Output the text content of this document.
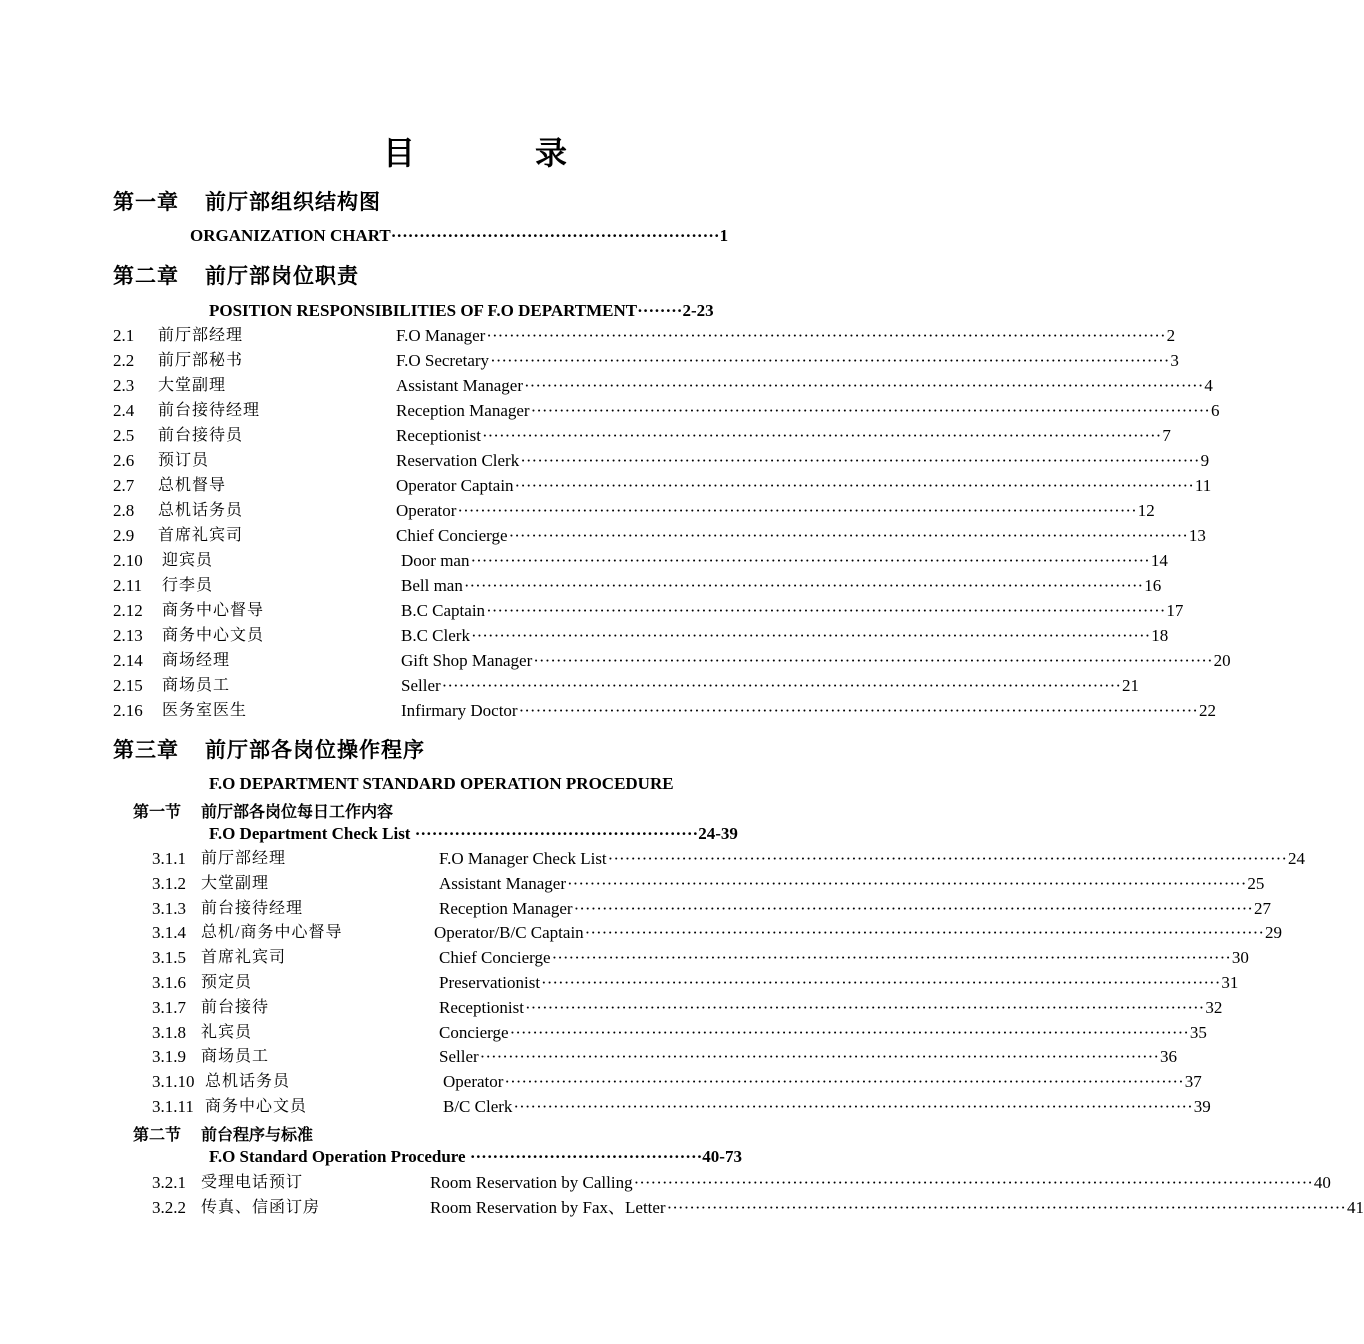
目　录
第一章 前厅部组织结构图
ORGANIZATION CHART··························································1
第二章 前厅部岗位职责
POSITION RESPONSIBILITIES OF F.O DEPARTMENT········2-23
2.1 前厅部经理	F.O Manager ························································································································ 2
2.2 前厅部秘书	F.O Secretary ························································································································ 3
2.3 大堂副理	Assistant Manager ························································································································ 4
2.4 前台接待经理	Reception Manager ························································································································ 6
2.5 前台接待员	Receptionist ························································································································ 7
2.6 预订员	Reservation Clerk ························································································································ 9
2.7 总机督导	Operator Captain ························································································································ 11
2.8 总机话务员	Operator ························································································································ 12
2.9 首席礼宾司	Chief Concierge ························································································································ 13
2.10 迎宾员	Door man ························································································································ 14
2.11 行李员	Bell man ························································································································ 16
2.12 商务中心督导	B.C Captain ························································································································ 17
2.13 商务中心文员	B.C Clerk ························································································································ 18
2.14 商场经理	Gift Shop Manager ························································································································ 20
2.15 商场员工	Seller ························································································································ 21
2.16 医务室医生	Infirmary Doctor ························································································································ 22
第三章 前厅部各岗位操作程序
F.O DEPARTMENT STANDARD OPERATION PROCEDURE
第一节 前厅部各岗位每日工作内容
F.O Department Check List ··················································24-39
3.1.1 前厅部经理	F.O Manager Check List ························································································································ 24
3.1.2 大堂副理	Assistant Manager ························································································································ 25
3.1.3 前台接待经理	Reception Manager ························································································································ 27
3.1.4 总机/商务中心督导	Operator/B/C Captain ························································································································ 29
3.1.5 首席礼宾司	Chief Concierge ························································································································ 30
3.1.6 预定员	Preservationist ························································································································ 31
3.1.7 前台接待	Receptionist ························································································································ 32
3.1.8 礼宾员	Concierge ························································································································ 35
3.1.9 商场员工	Seller ························································································································ 36
3.1.10 总机话务员	Operator ························································································································ 37
3.1.11 商务中心文员	B/C Clerk ························································································································ 39
第二节 前台程序与标准
F.O Standard Operation Procedure ·········································40-73
3.2.1 受理电话预订	Room Reservation by Calling ························································································································ 40
3.2.2 传真、信函订房	Room Reservation by Fax、Letter ························································································································ 41
